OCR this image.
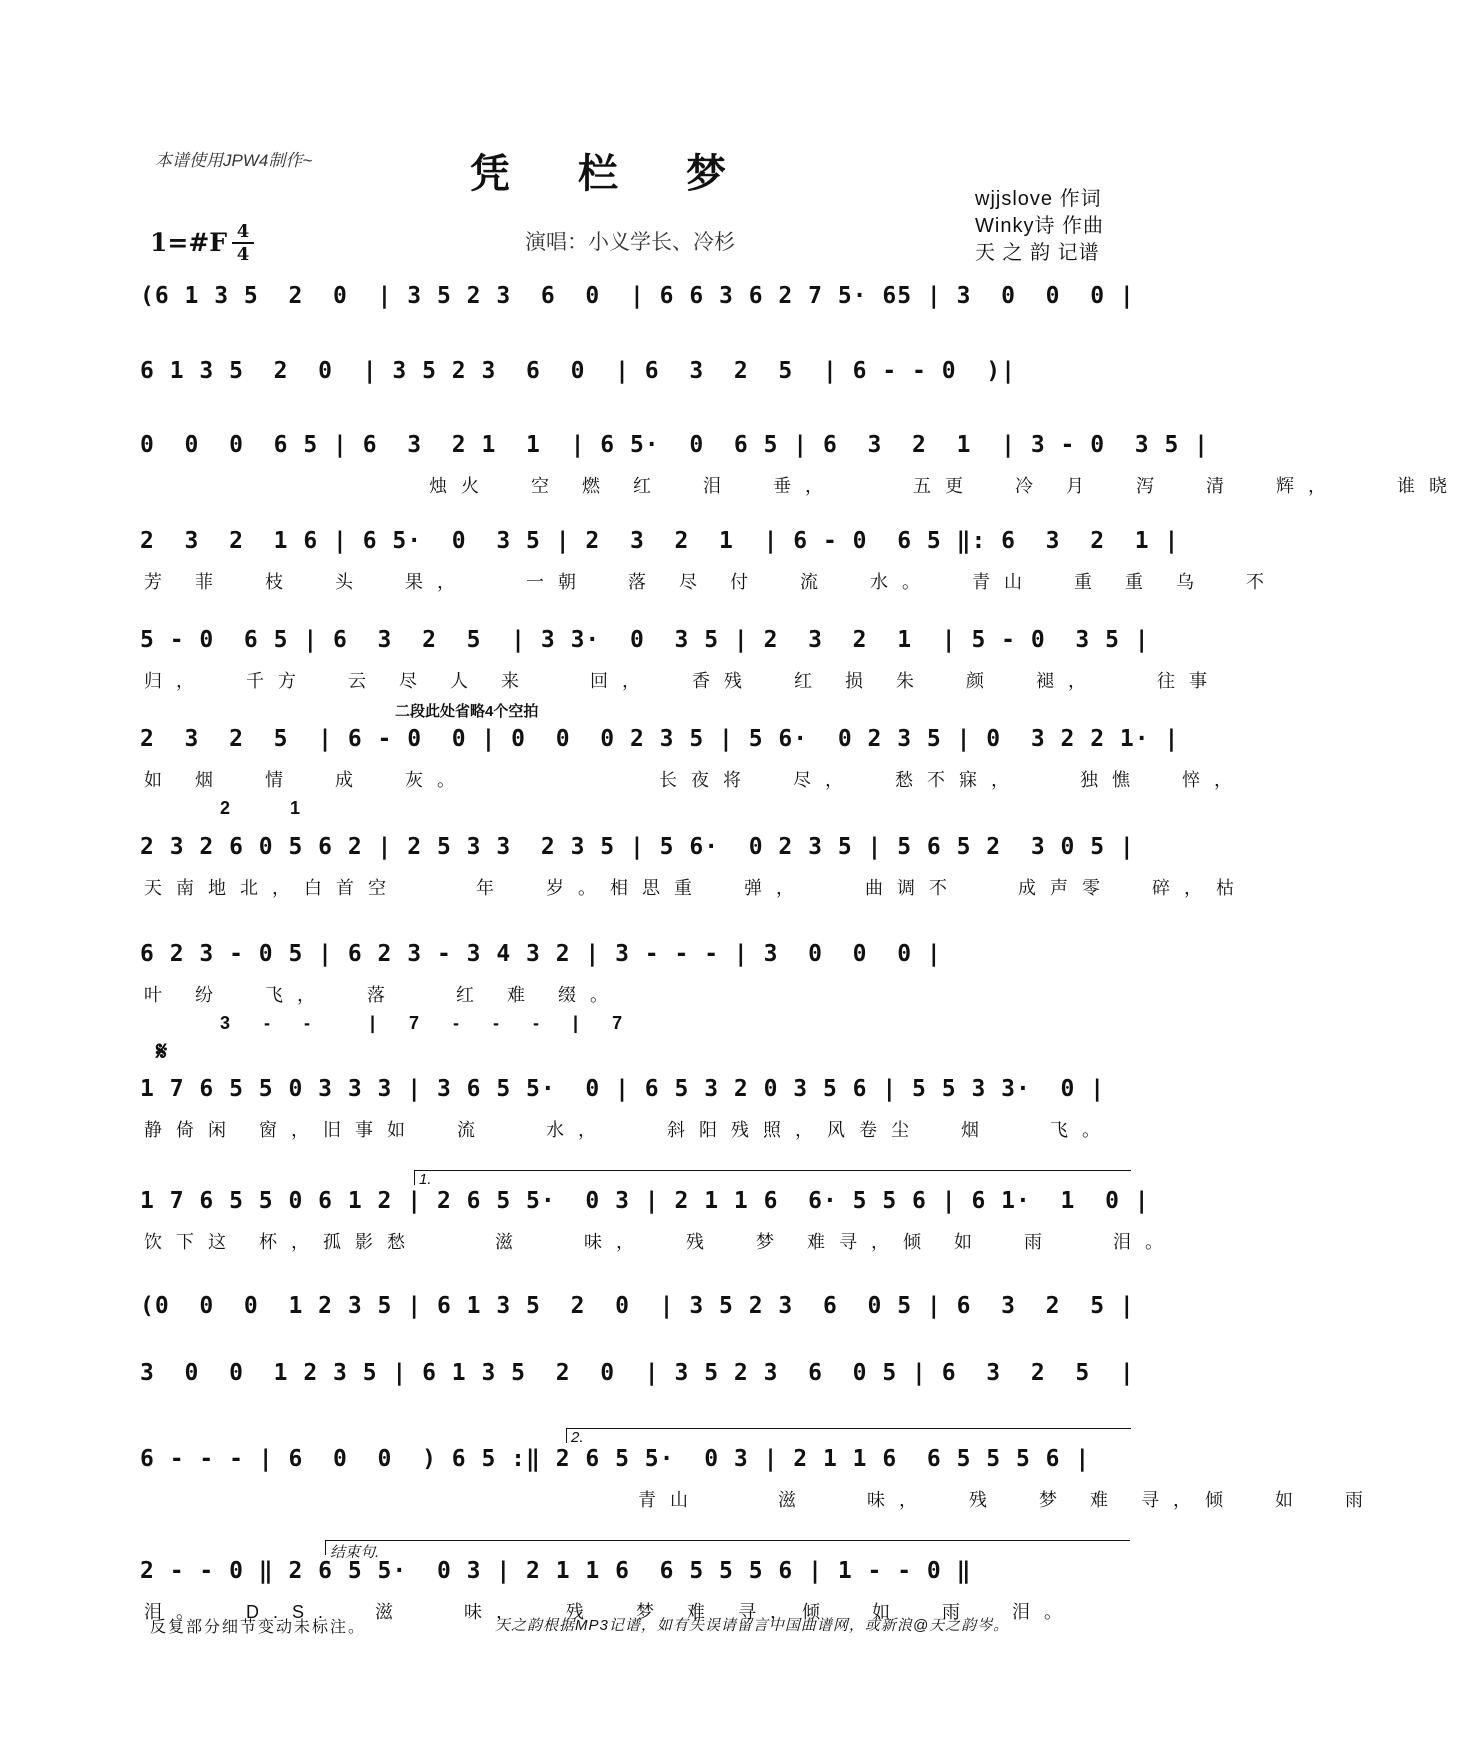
本谱使用JPW4制作~	凭栏梦
1=#F 4
4
演唱：小义学长、冷杉
wjjslove 作词
Winky诗 作曲
天 之 韵 记谱
(6 1 3 5  2  0  | 3 5 2 3  6  0  | 6 6 3 6 2 7 5· 65 | 3  0  0  0 |
6 1 3 5  2  0  | 3 5 2 3  6  0  | 6  3  2  5  | 6 - - 0  )|
0  0  0  6 5 | 6  3  2 1  1  | 6 5·  0  6 5 | 6  3  2  1  | 3 - 0  3 5 |
烛火  空 燃 红  泪  垂，    五更  冷 月  泻  清  辉，   谁晓
2  3  2  1 6 | 6 5·  0  3 5 | 2  3  2  1  | 6 - 0  6 5 ‖: 6  3  2  1 |
芳 菲  枝  头  果，   一朝  落 尽 付  流  水。  青山  重 重 乌  不
5 - 0  6 5 | 6  3  2  5  | 3 3·  0  3 5 | 2  3  2  1  | 5 - 0  3 5 |
归，  千方  云 尽 人 来   回，  香残  红 损 朱  颜  褪，   往事
二段此处省略4个空拍
2  3  2  5  | 6 - 0  0 | 0  0  0 2 3 5 | 5 6·  0 2 3 5 | 0  3 2 2 1· |
如 烟  情  成  灰。          长夜将  尽，  愁不寐，   独憔  悴，
2    1
2 3 2 6 0 5 6 2 | 2 5 3 3  2 3 5 | 5 6·  0 2 3 5 | 5 6 5 2  3 0 5 |
天南地北，白首空    年  岁。相思重  弹，   曲调不   成声零  碎，枯
6 2 3 - 0 5 | 6 2 3 - 3 4 3 2 | 3 - - - | 3  0  0  0 |
叶 纷  飞，  落   红 难 缀。
3  -  -    |  7  -  -  -  |  7
𝄋
1 7 6 5 5 0 3 3 3 | 3 6 5 5·  0 | 6 5 3 2 0 3 5 6 | 5 5 3 3·  0 |
静倚闲 窗，旧事如  流   水，   斜阳残照，风卷尘  烟   飞。
1.
1 7 6 5 5 0 6 1 2 | 2 6 5 5·  0 3 | 2 1 1 6  6· 5 5 6 | 6 1·  1  0 |
饮下这 杯，孤影愁    滋   味，  残  梦 难寻，倾 如  雨   泪。
(0  0  0  1 2 3 5 | 6 1 3 5  2  0  | 3 5 2 3  6  0 5 | 6  3  2  5 |
3  0  0  1 2 3 5 | 6 1 3 5  2  0  | 3 5 2 3  6  0 5 | 6  3  2  5  |
2.
6 - - - | 6  0  0  ) 6 5 :‖ 2 6 5 5·  0 3 | 2 1 1 6  6 5 5 5 6 |
青山    滋   味，  残  梦 难 寻，倾  如  雨
结束句.
2 - - 0 ‖ 2 6 5 5·  0 3 | 2 1 1 6  6 5 5 5 6 | 1 - - 0 ‖
泪。  D.S.  滋   味，  残  梦 难 寻，倾  如  雨  泪。
反复部分细节变动未标注。	天之韵根据MP3记谱，如有失误请留言中国曲谱网，或新浪@天之韵岑。
